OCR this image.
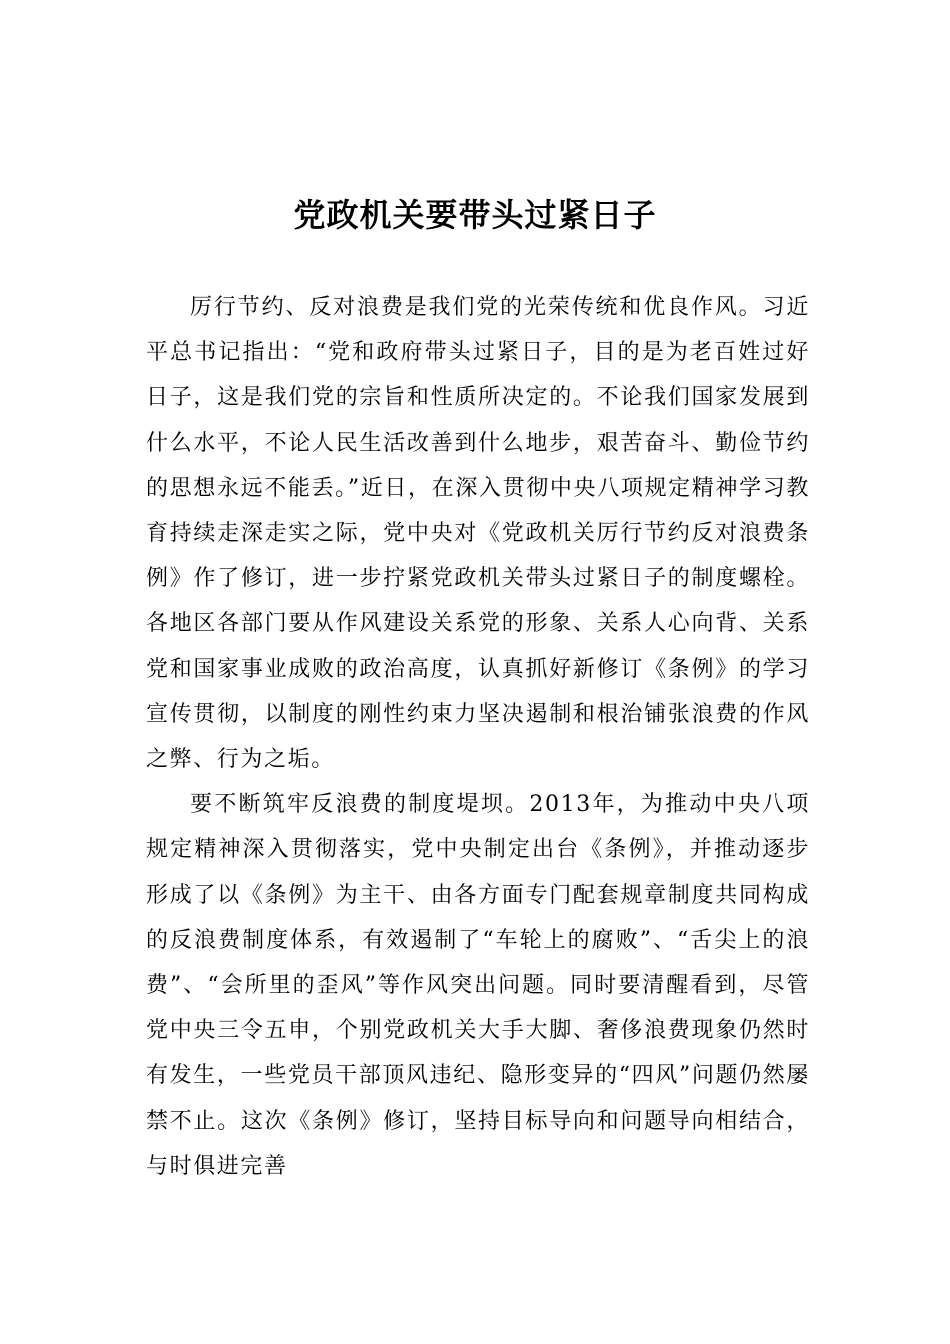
党政机关要带头过紧日子

厉行节约、反对浪费是我们党的光荣传统和优良作风。习近平总书记指出：“党和政府带头过紧日子，目的是为老百姓过好日子，这是我们党的宗旨和性质所决定的。不论我们国家发展到什么水平，不论人民生活改善到什么地步，艰苦奋斗、勤俭节约的思想永远不能丢。”近日，在深入贯彻中央八项规定精神学习教育持续走深走实之际，党中央对《党政机关厉行节约反对浪费条例》作了修订，进一步拧紧党政机关带头过紧日子的制度螺栓。各地区各部门要从作风建设关系党的形象、关系人心向背、关系党和国家事业成败的政治高度，认真抓好新修订《条例》的学习宣传贯彻，以制度的刚性约束力坚决遏制和根治铺张浪费的作风之弊、行为之垢。

要不断筑牢反浪费的制度堤坝。2013年，为推动中央八项规定精神深入贯彻落实，党中央制定出台《条例》，并推动逐步形成了以《条例》为主干、由各方面专门配套规章制度共同构成的反浪费制度体系，有效遏制了“车轮上的腐败”、“舌尖上的浪费”、“会所里的歪风”等作风突出问题。同时要清醒看到，尽管党中央三令五申，个别党政机关大手大脚、奢侈浪费现象仍然时有发生，一些党员干部顶风违纪、隐形变异的“四风”问题仍然屡禁不止。这次《条例》修订，坚持目标导向和问题导向相结合，与时俱进完善
